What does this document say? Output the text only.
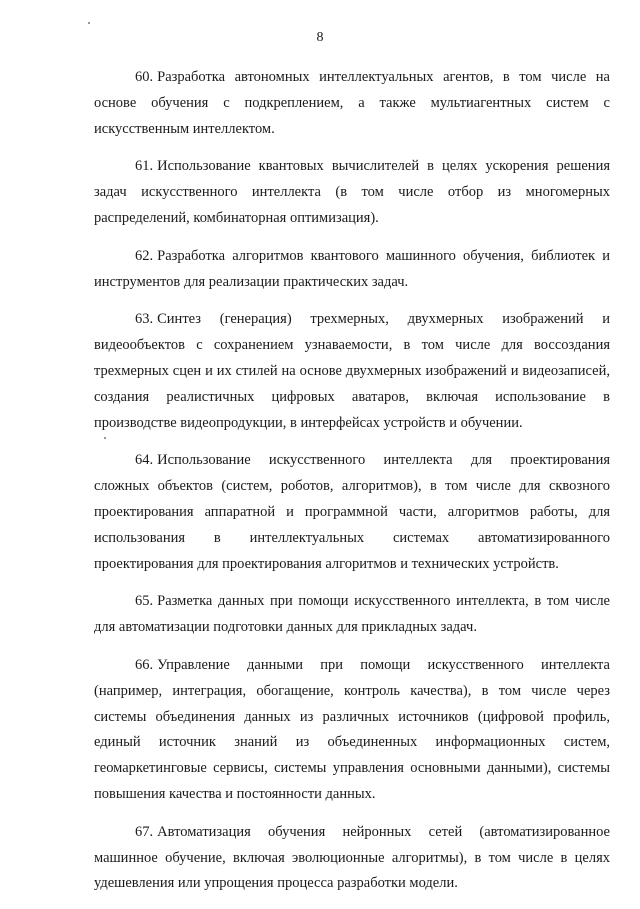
8

60. Разработка автономных интеллектуальных агентов, в том числе на основе обучения с подкреплением, а также мультиагентных систем с искусственным интеллектом.

61. Использование квантовых вычислителей в целях ускорения решения задач искусственного интеллекта (в том числе отбор из многомерных распределений, комбинаторная оптимизация).

62. Разработка алгоритмов квантового машинного обучения, библиотек и инструментов для реализации практических задач.

63. Синтез (генерация) трехмерных, двухмерных изображений и видеообъектов с сохранением узнаваемости, в том числе для воссоздания трехмерных сцен и их стилей на основе двухмерных изображений и видеозаписей, создания реалистичных цифровых аватаров, включая использование в производстве видеопродукции, в интерфейсах устройств и обучении.

64. Использование искусственного интеллекта для проектирования сложных объектов (систем, роботов, алгоритмов), в том числе для сквозного проектирования аппаратной и программной части, алгоритмов работы, для использования в интеллектуальных системах автоматизированного проектирования для проектирования алгоритмов и технических устройств.

65. Разметка данных при помощи искусственного интеллекта, в том числе для автоматизации подготовки данных для прикладных задач.

66. Управление данными при помощи искусственного интеллекта (например, интеграция, обогащение, контроль качества), в том числе через системы объединения данных из различных источников (цифровой профиль, единый источник знаний из объединенных информационных систем, геомаркетинговые сервисы, системы управления основными данными), системы повышения качества и постоянности данных.

67. Автоматизация обучения нейронных сетей (автоматизированное машинное обучение, включая эволюционные алгоритмы), в том числе в целях удешевления или упрощения процесса разработки модели.
